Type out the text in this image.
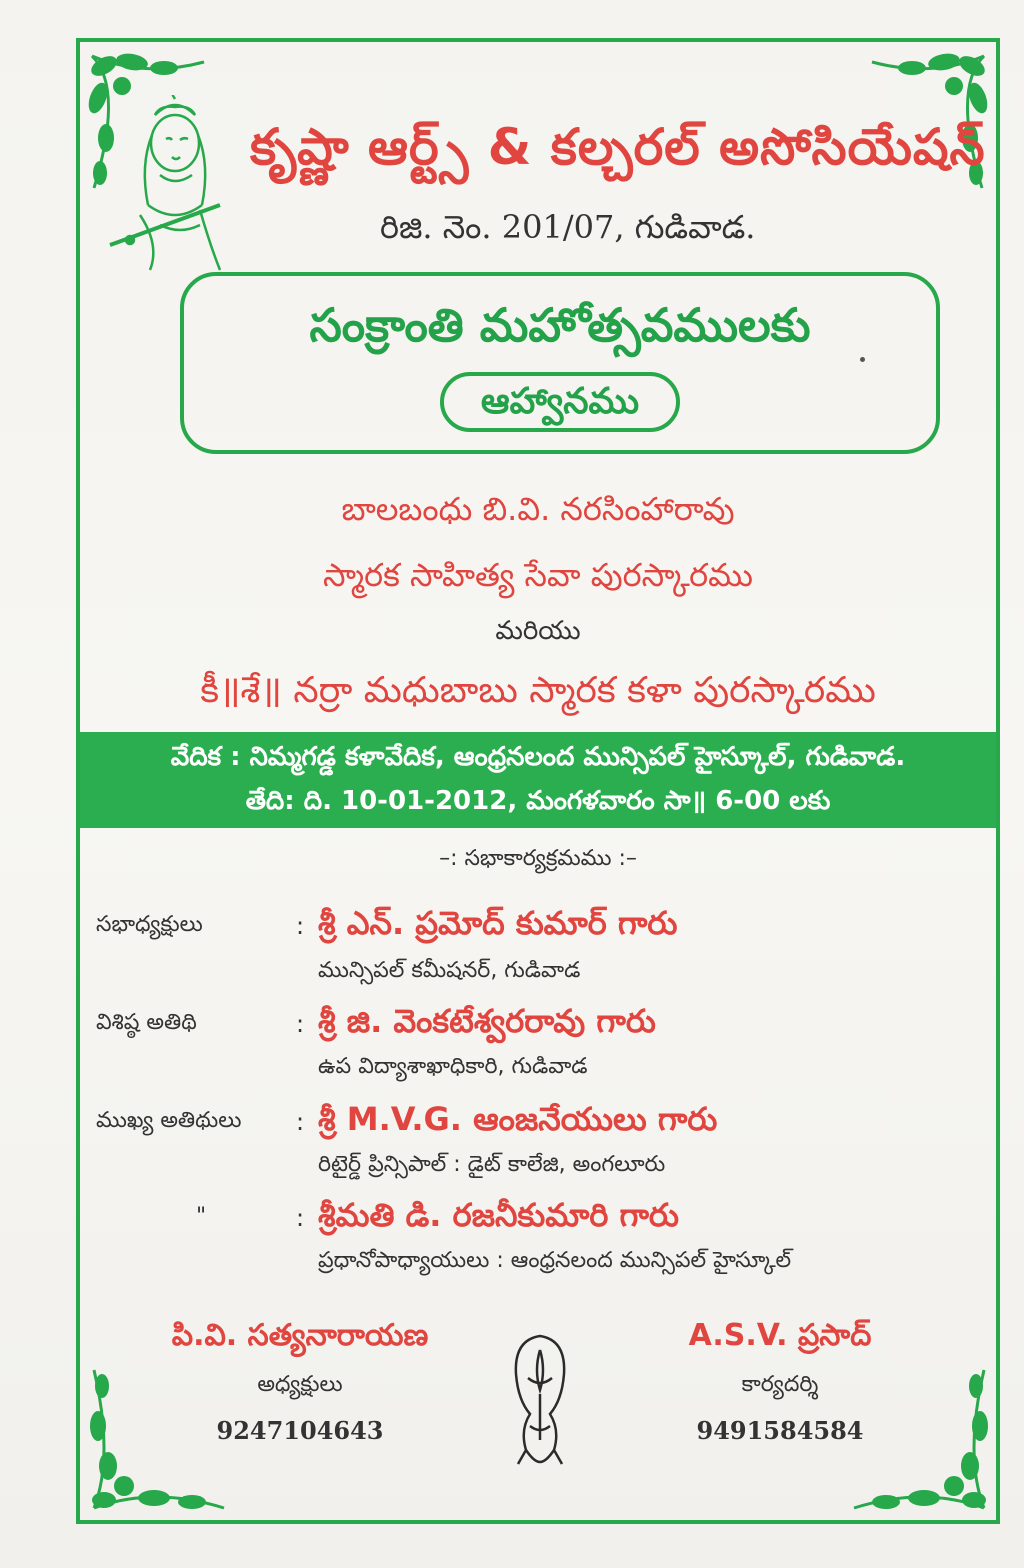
కృష్ణా ఆర్ట్స్ & కల్చరల్ అసోసియేషన్
రిజి. నెం. 201/07, గుడివాడ.
సంక్రాంతి మహోత్సవములకు
ఆహ్వానము
బాలబంధు బి.వి. నరసింహారావు
స్మారక సాహిత్య సేవా పురస్కారము
మరియు
కీ॥శే॥ నర్రా మధుబాబు స్మారక కళా పురస్కారము
వేదిక : నిమ్మగడ్డ కళావేదిక, ఆంధ్రనలంద మున్సిపల్ హైస్కూల్, గుడివాడ.
తేది: ది. 10-01-2012, మంగళవారం సా॥ 6-00 లకు
–: సభాకార్యక్రమము :–
సభాధ్యక్షులు	: శ్రీ ఎన్. ప్రమోద్ కుమార్ గారు
మున్సిపల్ కమీషనర్, గుడివాడ
విశిష్ఠ అతిథి	: శ్రీ జి. వెంకటేశ్వరరావు గారు
ఉప విద్యాశాఖాధికారి, గుడివాడ
ముఖ్య అతిథులు : శ్రీ M.V.G. ఆంజనేయులు గారు
రిటైర్డ్ ప్రిన్సిపాల్ : డైట్ కాలేజి, అంగలూరు
"	: శ్రీమతి డి. రజనీకుమారి గారు
ప్రధానోపాధ్యాయులు : ఆంధ్రనలంద మున్సిపల్ హైస్కూల్
పి.వి. సత్యనారాయణ
అధ్యక్షులు
9247104643
A.S.V. ప్రసాద్
కార్యదర్శి
9491584584
